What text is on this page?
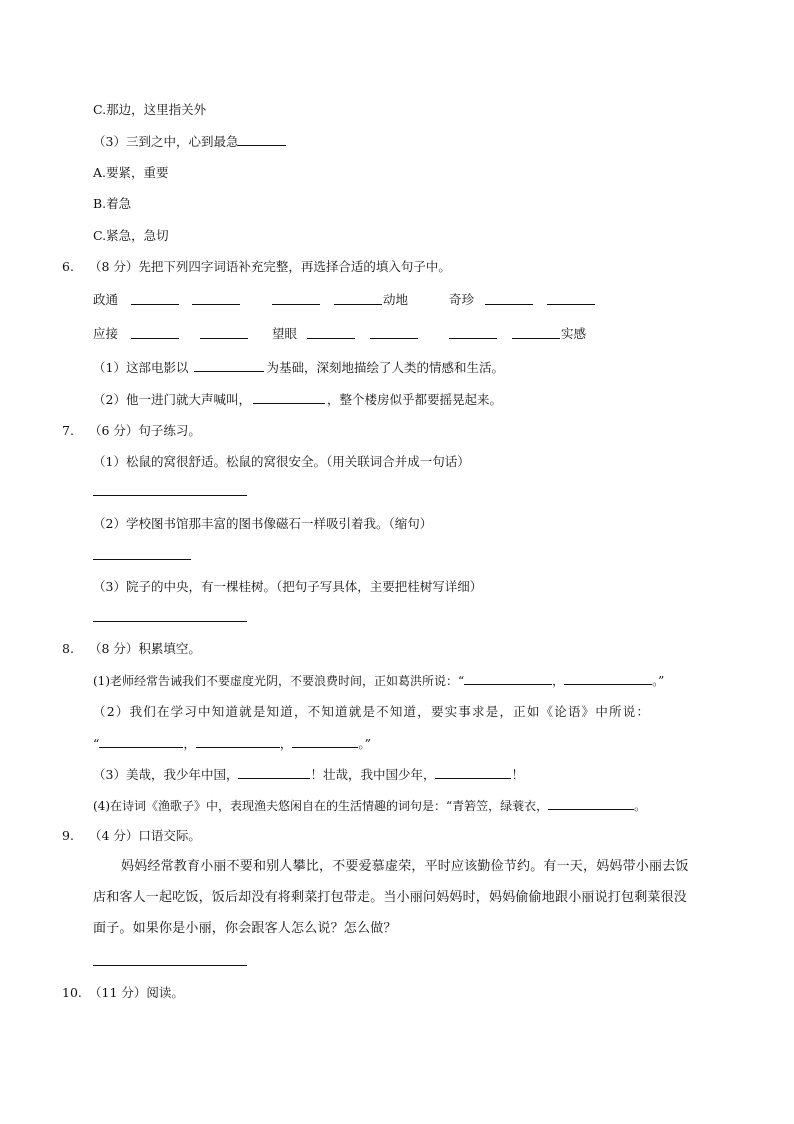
C.那边，这里指关外
（3）三到之中，心到最急
A.要紧，重要
B.着急
C.紧急，急切
6. （8 分）先把下列四字词语补充完整，再选择合适的填入句子中。
政通	动地	奇珍
应接	望眼	实感
（1）这部电影以	为基础，深刻地描绘了人类的情感和生活。
（2）他一进门就大声喊叫，	，整个楼房似乎都要摇晃起来。
7. （6 分）句子练习。
（1）松鼠的窝很舒适。松鼠的窝很安全。（用关联词合并成一句话）
（2）学校图书馆那丰富的图书像磁石一样吸引着我。（缩句）
（3）院子的中央，有一棵桂树。（把句子写具体，主要把桂树写详细）
8. （8 分）积累填空。
(1)老师经常告诫我们不要虚度光阴，不要浪费时间，正如葛洪所说：“	，	。”
（2）我们在学习中知道就是知道，不知道就是不知道，要实事求是，正如《论语》中所说：
“	，	，	。”
（3）美哉，我少年中国，	！壮哉，我中国少年，	！
(4)在诗词《渔歌子》中，表现渔夫悠闲自在的生活情趣的词句是：“青箬笠，绿蓑衣，	。
9. （4 分）口语交际。
妈妈经常教育小丽不要和别人攀比，不要爱慕虚荣，平时应该勤俭节约。有一天，妈妈带小丽去饭
店和客人一起吃饭，饭后却没有将剩菜打包带走。当小丽问妈妈时，妈妈偷偷地跟小丽说打包剩菜很没
面子。如果你是小丽，你会跟客人怎么说？怎么做？
10. （11 分）阅读。
